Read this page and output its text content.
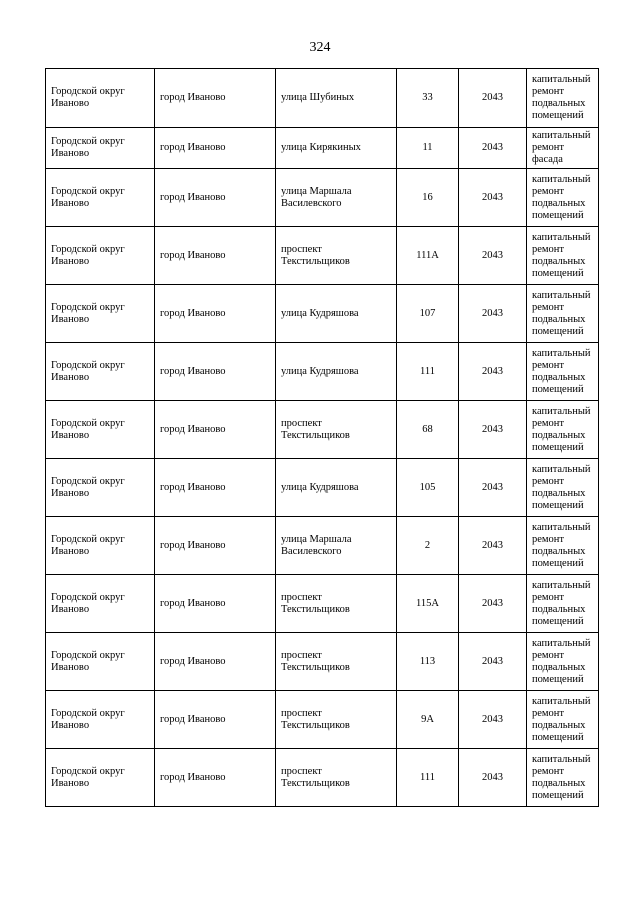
324
Городской округ Иваново	город Иваново	улица Шубиных	33	2043	капитальный ремонт подвальных помещений
Городской округ Иваново	город Иваново	улица Кирякиных	11	2043	капитальный ремонт фасада
Городской округ Иваново	город Иваново	улица Маршала Василевского	16	2043	капитальный ремонт подвальных помещений
Городской округ Иваново	город Иваново	проспект Текстильщиков	111А	2043	капитальный ремонт подвальных помещений
Городской округ Иваново	город Иваново	улица Кудряшова	107	2043	капитальный ремонт подвальных помещений
Городской округ Иваново	город Иваново	улица Кудряшова	111	2043	капитальный ремонт подвальных помещений
Городской округ Иваново	город Иваново	проспект Текстильщиков	68	2043	капитальный ремонт подвальных помещений
Городской округ Иваново	город Иваново	улица Кудряшова	105	2043	капитальный ремонт подвальных помещений
Городской округ Иваново	город Иваново	улица Маршала Василевского	2	2043	капитальный ремонт подвальных помещений
Городской округ Иваново	город Иваново	проспект Текстильщиков	115А	2043	капитальный ремонт подвальных помещений
Городской округ Иваново	город Иваново	проспект Текстильщиков	113	2043	капитальный ремонт подвальных помещений
Городской округ Иваново	город Иваново	проспект Текстильщиков	9А	2043	капитальный ремонт подвальных помещений
Городской округ Иваново	город Иваново	проспект Текстильщиков	111	2043	капитальный ремонт подвальных помещений
